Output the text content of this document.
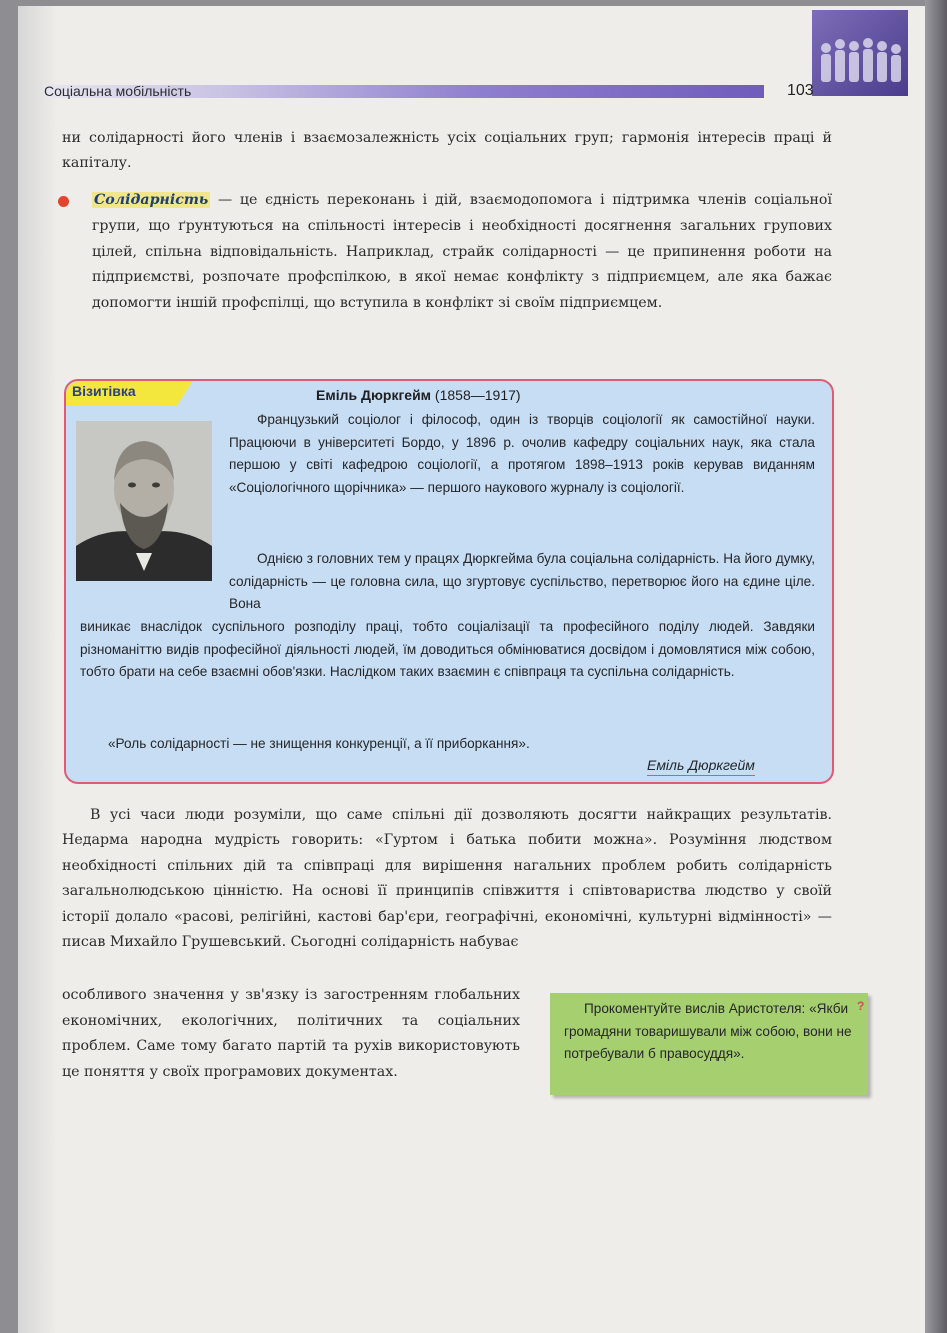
Соціальна мобільність	103
ни солідарності його членів і взаємозалежність усіх соціальних груп; гармонія інтересів праці й капіталу.
Солідарність — це єдність переконань і дій, взаємодопомога і підтримка членів соціальної групи, що ґрунтуються на спільності інтересів і необхідності досягнення загальних групових цілей, спільна відповідальність. Наприклад, страйк солідарності — це припинення роботи на підприємстві, розпочате профспілкою, в якої немає конфлікту з підприємцем, але яка бажає допомогти іншій профспілці, що вступила в конфлікт зі своїм підприємцем.
Візитівка	Еміль Дюркгейм (1858—1917)
Французький соціолог і філософ, один із творців соціології як самостійної науки. Працюючи в університеті Бордо, у 1896 р. очолив кафедру соціальних наук, яка стала першою у світі кафедрою соціології, а протягом 1898–1913 років керував виданням «Соціологічного щорічника» — першого наукового журналу із соціології.
Однією з головних тем у працях Дюркгейма була соціальна солідарність. На його думку, солідарність — це головна сила, що згуртовує суспільство, перетворює його на єдине ціле. Вона
виникає внаслідок суспільного розподілу праці, тобто соціалізації та професійного поділу людей. Завдяки різноманіттю видів професійної діяльності людей, їм доводиться обмінюватися досвідом і домовлятися між собою, тобто брати на себе взаємні обов'язки. Наслідком таких взаємин є співпраця та суспільна солідарність.
«Роль солідарності — не знищення конкуренції, а її приборкання».
Еміль Дюркгейм
В усі часи люди розуміли, що саме спільні дії дозволяють досягти найкращих результатів. Недарма народна мудрість говорить: «Гуртом і батька побити можна». Розуміння людством необхідності спільних дій та співпраці для вирішення нагальних проблем робить солідарність загальнолюдською цінністю. На основі її принципів співжиття і співтовариства людство у своїй історії долало «расові, релігійні, кастові бар'єри, географічні, економічні, культурні відмінності» — писав Михайло Грушевський. Сьогодні солідарність набуває
особливого значення у зв'язку із загостренням глобальних економічних, екологічних, політичних та соціальних проблем. Саме тому багато партій та рухів використовують це поняття у своїх програмових документах.
Прокоментуйте вислів Аристотеля: «Якби громадяни товаришували між собою, вони не потребували б правосуддя».
?
